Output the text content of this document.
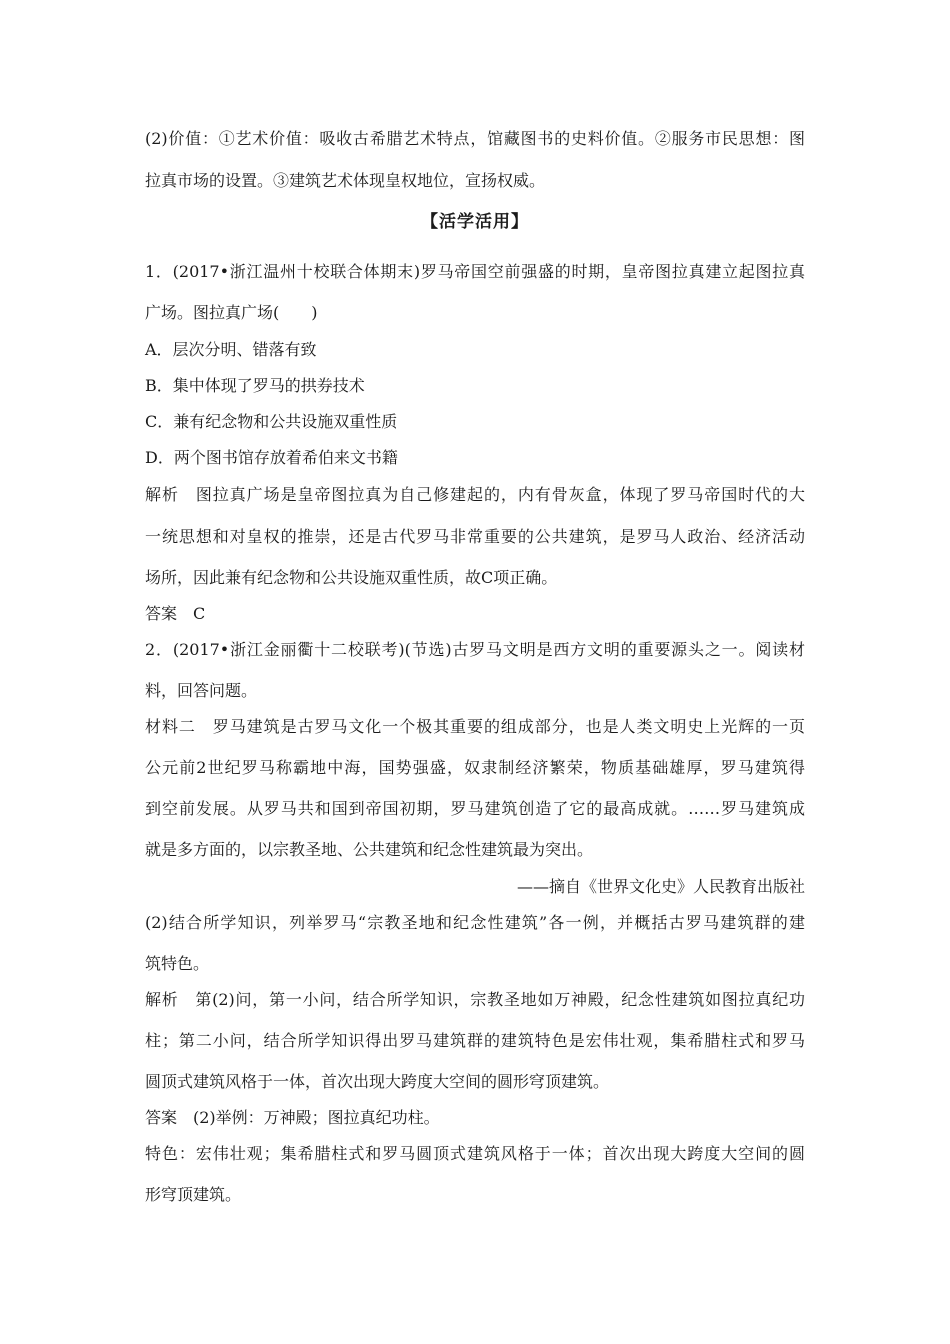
(2)价值：①艺术价值：吸收古希腊艺术特点，馆藏图书的史料价值。②服务市民思想：图
拉真市场的设置。③建筑艺术体现皇权地位，宣扬权威。
【活学活用】
1．(2017•浙江温州十校联合体期末)罗马帝国空前强盛的时期，皇帝图拉真建立起图拉真
广场。图拉真广场(　　)
A．层次分明、错落有致
B．集中体现了罗马的拱券技术
C．兼有纪念物和公共设施双重性质
D．两个图书馆存放着希伯来文书籍
解析　图拉真广场是皇帝图拉真为自己修建起的，内有骨灰盒，体现了罗马帝国时代的大
一统思想和对皇权的推崇，还是古代罗马非常重要的公共建筑，是罗马人政治、经济活动
场所，因此兼有纪念物和公共设施双重性质，故C项正确。
答案　C
2．(2017•浙江金丽衢十二校联考)(节选)古罗马文明是西方文明的重要源头之一。阅读材
料，回答问题。
材料二　罗马建筑是古罗马文化一个极其重要的组成部分，也是人类文明史上光辉的一页
公元前2世纪罗马称霸地中海，国势强盛，奴隶制经济繁荣，物质基础雄厚，罗马建筑得
到空前发展。从罗马共和国到帝国初期，罗马建筑创造了它的最高成就。……罗马建筑成
就是多方面的，以宗教圣地、公共建筑和纪念性建筑最为突出。
——摘自《世界文化史》人民教育出版社
(2)结合所学知识，列举罗马“宗教圣地和纪念性建筑”各一例，并概括古罗马建筑群的建
筑特色。
解析　第(2)问，第一小问，结合所学知识，宗教圣地如万神殿，纪念性建筑如图拉真纪功
柱；第二小问，结合所学知识得出罗马建筑群的建筑特色是宏伟壮观，集希腊柱式和罗马
圆顶式建筑风格于一体，首次出现大跨度大空间的圆形穹顶建筑。
答案　(2)举例：万神殿；图拉真纪功柱。
特色：宏伟壮观；集希腊柱式和罗马圆顶式建筑风格于一体；首次出现大跨度大空间的圆
形穹顶建筑。
